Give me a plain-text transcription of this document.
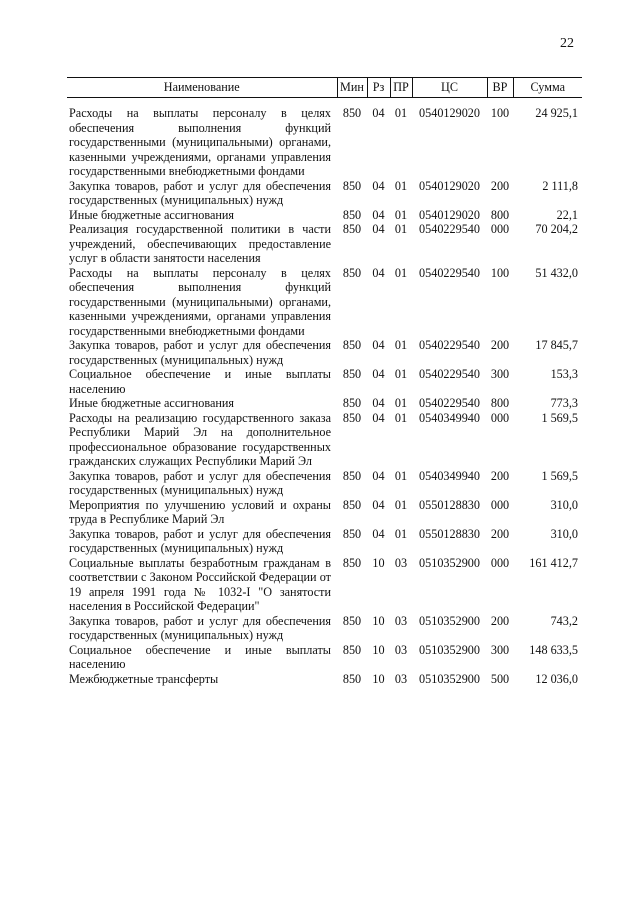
22
Наименование	Мин	Рз	ПР	ЦС	ВР	Сумма
Расходы на выплаты персоналу в целях обеспечения выполнения функций государственными (муниципальными) органами, казенными учреждениями, органами управления государственными внебюджетными фондами	850	04	01	0540129020	100	24 925,1
Закупка товаров, работ и услуг для обеспечения государственных (муниципальных) нужд	850	04	01	0540129020	200	2 111,8
Иные бюджетные ассигнования	850	04	01	0540129020	800	22,1
Реализация государственной политики в части учреждений, обеспечивающих предоставление услуг в области занятости населения	850	04	01	0540229540	000	70 204,2
Расходы на выплаты персоналу в целях обеспечения выполнения функций государственными (муниципальными) органами, казенными учреждениями, органами управления государственными внебюджетными фондами	850	04	01	0540229540	100	51 432,0
Закупка товаров, работ и услуг для обеспечения государственных (муниципальных) нужд	850	04	01	0540229540	200	17 845,7
Социальное обеспечение и иные выплаты населению	850	04	01	0540229540	300	153,3
Иные бюджетные ассигнования	850	04	01	0540229540	800	773,3
Расходы на реализацию государственного заказа Республики Марий Эл на дополнительное профессиональное образование государственных гражданских служащих Республики Марий Эл	850	04	01	0540349940	000	1 569,5
Закупка товаров, работ и услуг для обеспечения государственных (муниципальных) нужд	850	04	01	0540349940	200	1 569,5
Мероприятия по улучшению условий и охраны труда в Республике Марий Эл	850	04	01	0550128830	000	310,0
Закупка товаров, работ и услуг для обеспечения государственных (муниципальных) нужд	850	04	01	0550128830	200	310,0
Социальные выплаты безработным гражданам в соответствии с Законом Российской Федерации от 19 апреля 1991 года № 1032-I "О занятости населения в Российской Федерации"	850	10	03	0510352900	000	161 412,7
Закупка товаров, работ и услуг для обеспечения государственных (муниципальных) нужд	850	10	03	0510352900	200	743,2
Социальное обеспечение и иные выплаты населению	850	10	03	0510352900	300	148 633,5
Межбюджетные трансферты	850	10	03	0510352900	500	12 036,0
